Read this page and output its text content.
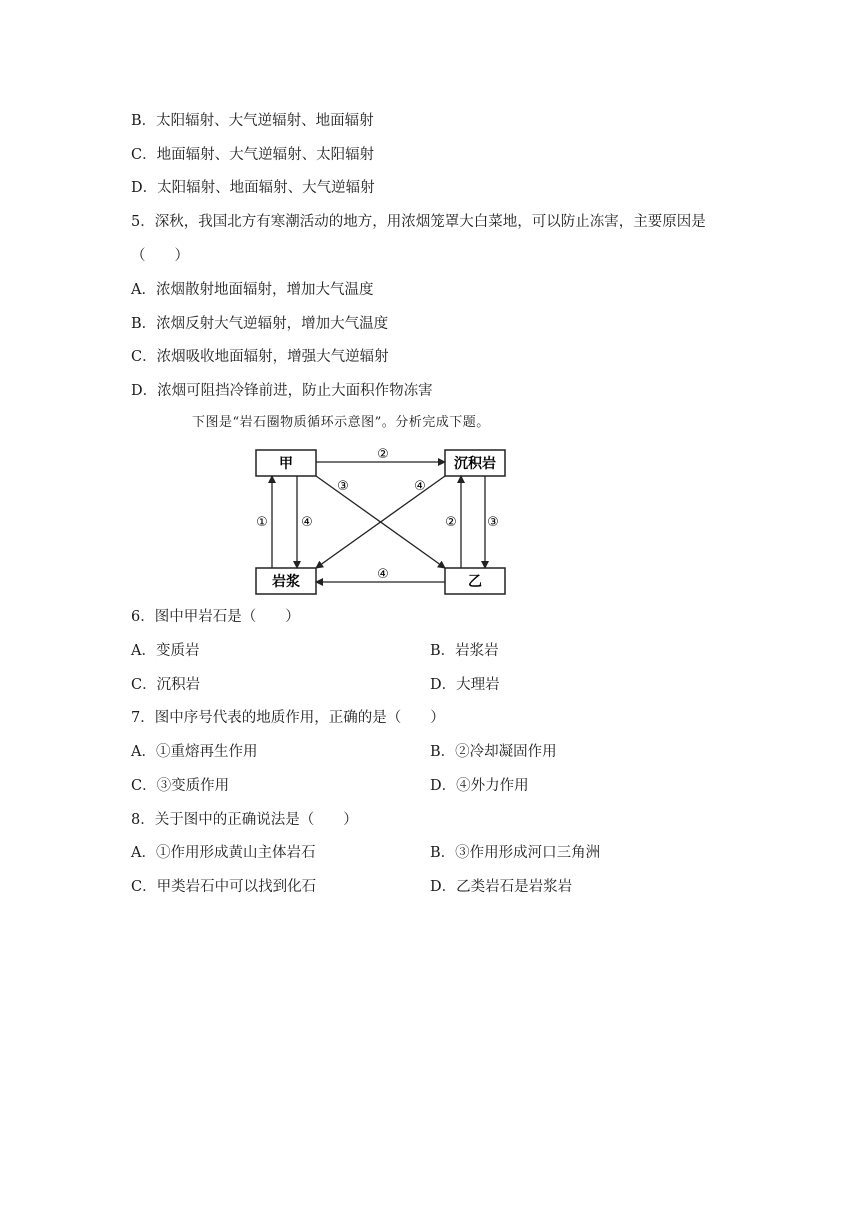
B．太阳辐射、大气逆辐射、地面辐射
C．地面辐射、大气逆辐射、太阳辐射
D．太阳辐射、地面辐射、大气逆辐射
5．深秋，我国北方有寒潮活动的地方，用浓烟笼罩大白菜地，可以防止冻害，主要原因是
（　　）
A．浓烟散射地面辐射，增加大气温度
B．浓烟反射大气逆辐射，增加大气温度
C．浓烟吸收地面辐射，增强大气逆辐射
D．浓烟可阻挡冷锋前进，防止大面积作物冻害
下图是“岩石圈物质循环示意图”。分析完成下题。
甲	沉积岩
岩浆	乙
②
④
①	④	② ③
③	④
6．图中甲岩石是（　　）
A．变质岩	B．岩浆岩
C．沉积岩	D．大理岩
7．图中序号代表的地质作用，正确的是（　　）
A．①重熔再生作用	B．②冷却凝固作用
C．③变质作用	D．④外力作用
8．关于图中的正确说法是（　　）
A．①作用形成黄山主体岩石	B．③作用形成河口三角洲
C．甲类岩石中可以找到化石	D．乙类岩石是岩浆岩
